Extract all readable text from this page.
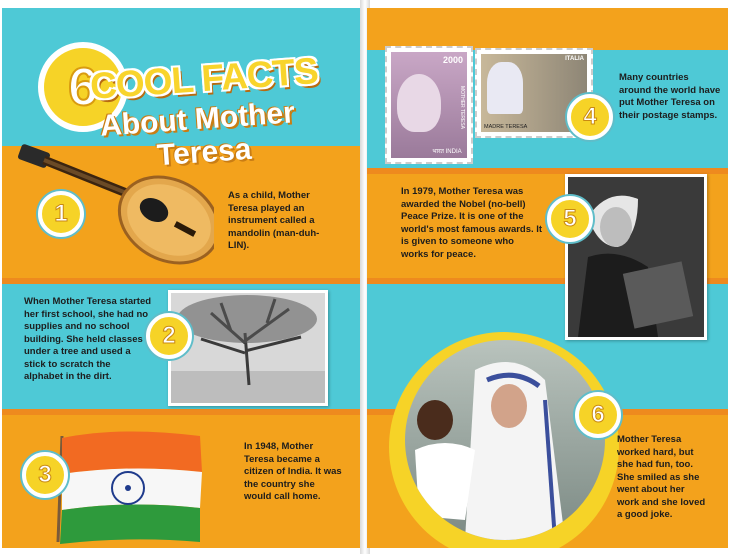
6
COOL FACTS
About Mother
Teresa
1
As a child, Mother Teresa played an instrument called a mandolin (man-duh-LIN).
When Mother Teresa started her first school, she had no supplies and no school building. She held classes under a tree and used a stick to scratch the alphabet in the dirt.
2
3
In 1948, Mother Teresa became a citizen of India. It was the country she would call home.
2000
भारत INDIA
MOTHER TERESA
ITALIA
MADRE TERESA	4
Many countries around the world have put Mother Teresa on their postage stamps.
In 1979, Mother Teresa was awarded the Nobel (no-bell) Peace Prize. It is one of the world's most famous awards. It is given to someone who works for peace.
5
6
Mother Teresa worked hard, but she had fun, too. She smiled as she went about her work and she loved a good joke.
